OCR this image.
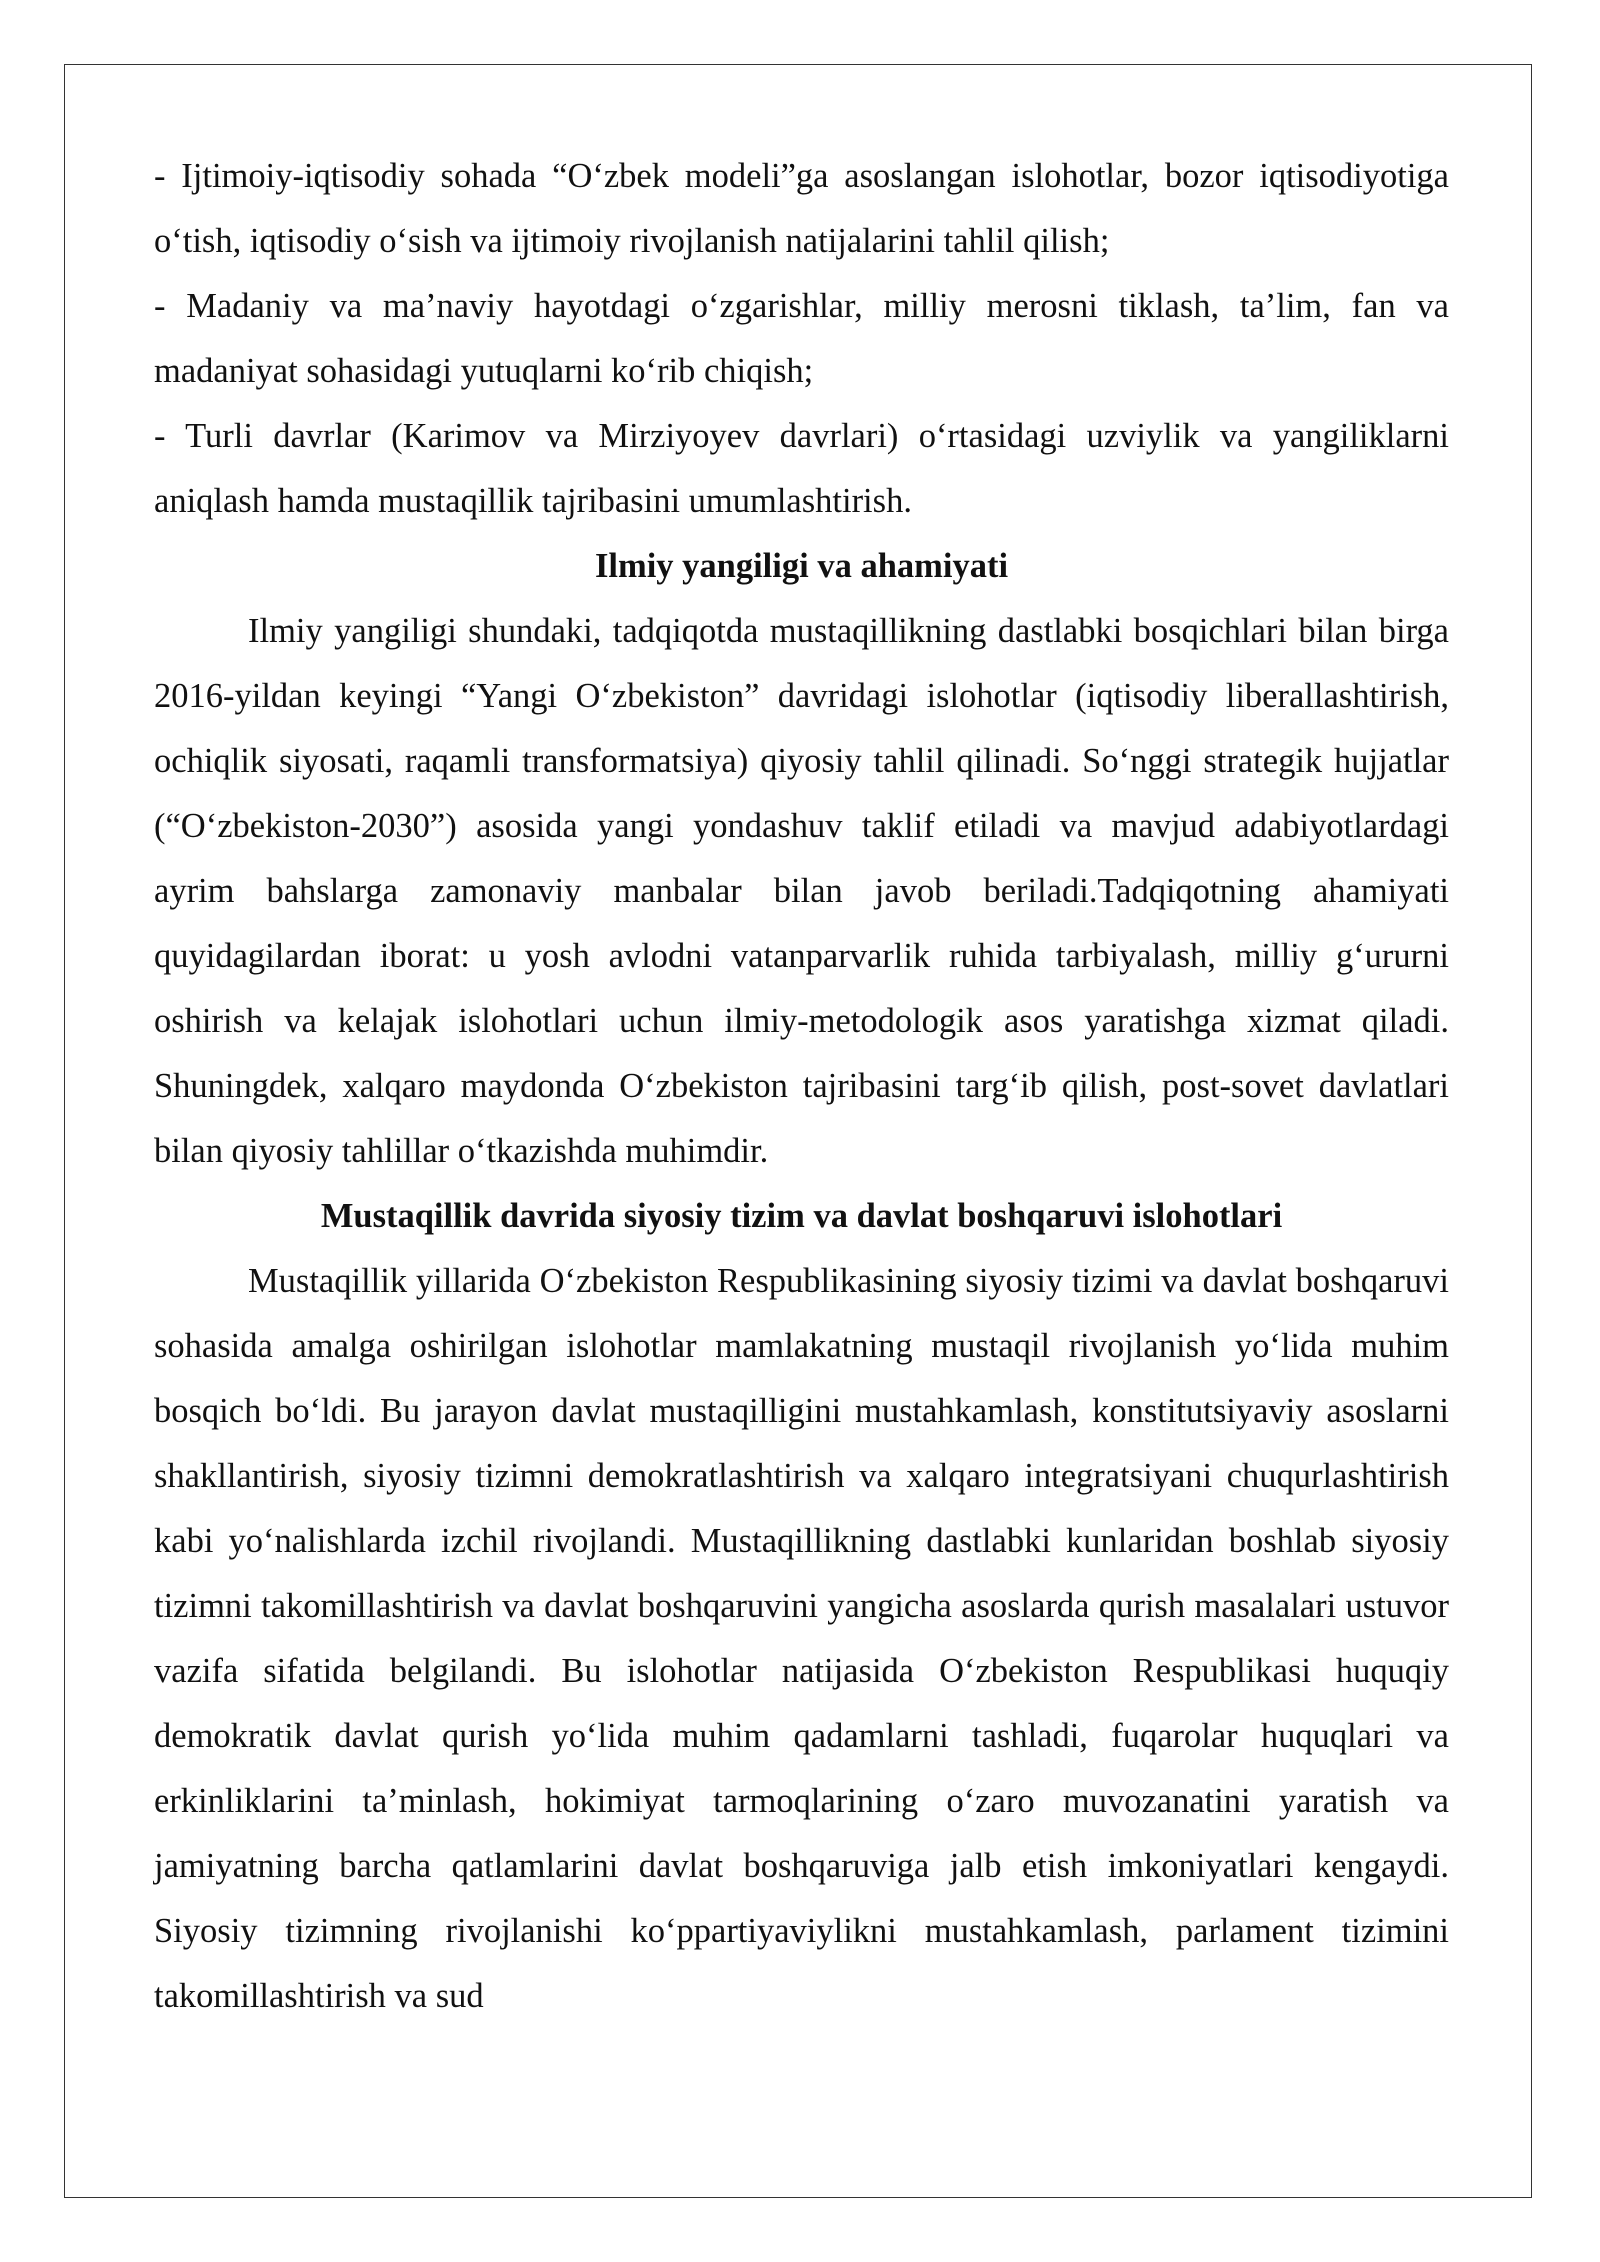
- Ijtimoiy-iqtisodiy sohada “O‘zbek modeli”ga asoslangan islohotlar, bozor iqtisodiyotiga o‘tish, iqtisodiy o‘sish va ijtimoiy rivojlanish natijalarini tahlil qilish;

- Madaniy va ma’naviy hayotdagi o‘zgarishlar, milliy merosni tiklash, ta’lim, fan va madaniyat sohasidagi yutuqlarni ko‘rib chiqish;

- Turli davrlar (Karimov va Mirziyoyev davrlari) o‘rtasidagi uzviylik va yangiliklarni aniqlash hamda mustaqillik tajribasini umumlashtirish.

Ilmiy yangiligi va ahamiyati

Ilmiy yangiligi shundaki, tadqiqotda mustaqillikning dastlabki bosqichlari bilan birga 2016-yildan keyingi “Yangi O‘zbekiston” davridagi islohotlar (iqtisodiy liberallashtirish, ochiqlik siyosati, raqamli transformatsiya) qiyosiy tahlil qilinadi. So‘nggi strategik hujjatlar (“O‘zbekiston-2030”) asosida yangi yondashuv taklif etiladi va mavjud adabiyotlardagi ayrim bahslarga zamonaviy manbalar bilan javob beriladi.Tadqiqotning ahamiyati quyidagilardan iborat: u yosh avlodni vatanparvarlik ruhida tarbiyalash, milliy g‘ururni oshirish va kelajak islohotlari uchun ilmiy-metodologik asos yaratishga xizmat qiladi. Shuningdek, xalqaro maydonda O‘zbekiston tajribasini targ‘ib qilish, post-sovet davlatlari bilan qiyosiy tahlillar o‘tkazishda muhimdir.

Mustaqillik davrida siyosiy tizim va davlat boshqaruvi islohotlari

Mustaqillik yillarida O‘zbekiston Respublikasining siyosiy tizimi va davlat boshqaruvi sohasida amalga oshirilgan islohotlar mamlakatning mustaqil rivojlanish yo‘lida muhim bosqich bo‘ldi. Bu jarayon davlat mustaqilligini mustahkamlash, konstitutsiyaviy asoslarni shakllantirish, siyosiy tizimni demokratlashtirish va xalqaro integratsiyani chuqurlashtirish kabi yo‘nalishlarda izchil rivojlandi. Mustaqillikning dastlabki kunlaridan boshlab siyosiy tizimni takomillashtirish va davlat boshqaruvini yangicha asoslarda qurish masalalari ustuvor vazifa sifatida belgilandi. Bu islohotlar natijasida O‘zbekiston Respublikasi huquqiy demokratik davlat qurish yo‘lida muhim qadamlarni tashladi, fuqarolar huquqlari va erkinliklarini ta’minlash, hokimiyat tarmoqlarining o‘zaro muvozanatini yaratish va jamiyatning barcha qatlamlarini davlat boshqaruviga jalb etish imkoniyatlari kengaydi. Siyosiy tizimning rivojlanishi ko‘ppartiyaviylikni mustahkamlash, parlament tizimini takomillashtirish va sud
